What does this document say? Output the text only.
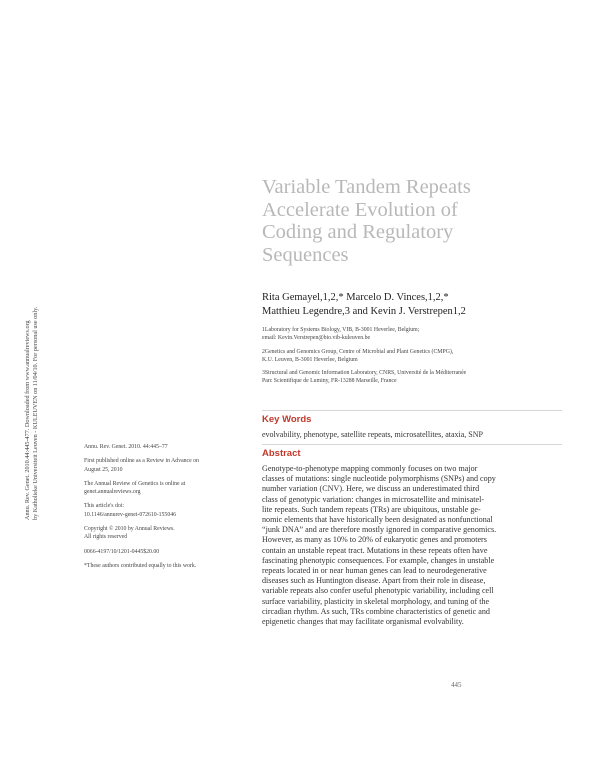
Annu. Rev. Genet. 2010.44:445-477. Downloaded from www.annualreviews.org by Katholieke Universiteit Leuven - KULEUVEN on 11/04/10. For personal use only.
Variable Tandem Repeats
Accelerate Evolution of
Coding and Regulatory
Sequences
Rita Gemayel,1,2,* Marcelo D. Vinces,1,2,*
Matthieu Legendre,3 and Kevin J. Verstrepen1,2
1Laboratory for Systems Biology, VIB, B-3001 Heverlee, Belgium;
email: Kevin.Verstrepen@bio.vib-kuleuven.be
2Genetics and Genomics Group, Centre of Microbial and Plant Genetics (CMPG),
K.U. Leuven, B-3001 Heverlee, Belgium
3Structural and Genomic Information Laboratory, CNRS, Université de la Méditerranée
Parc Scientifique de Luminy, FR-13288 Marseille, France
Annu. Rev. Genet. 2010. 44:445–77
First published online as a Review in Advance on
August 25, 2010
The Annual Review of Genetics is online at
genet.annualreviews.org
This article's doi:
10.1146/annurev-genet-072610-155046
Copyright © 2010 by Annual Reviews.
All rights reserved
0066-4197/10/1201-0445$20.00
*These authors contributed equally to this work.
Key Words
evolvability, phenotype, satellite repeats, microsatellites, ataxia, SNP
Abstract
Genotype-to-phenotype mapping commonly focuses on two major
classes of mutations: single nucleotide polymorphisms (SNPs) and copy
number variation (CNV). Here, we discuss an underestimated third
class of genotypic variation: changes in microsatellite and minisatel-
lite repeats. Such tandem repeats (TRs) are ubiquitous, unstable ge-
nomic elements that have historically been designated as nonfunctional
“junk DNA” and are therefore mostly ignored in comparative genomics.
However, as many as 10% to 20% of eukaryotic genes and promoters
contain an unstable repeat tract. Mutations in these repeats often have
fascinating phenotypic consequences. For example, changes in unstable
repeats located in or near human genes can lead to neurodegenerative
diseases such as Huntington disease. Apart from their role in disease,
variable repeats also confer useful phenotypic variability, including cell
surface variability, plasticity in skeletal morphology, and tuning of the
circadian rhythm. As such, TRs combine characteristics of genetic and
epigenetic changes that may facilitate organismal evolvability.
445
